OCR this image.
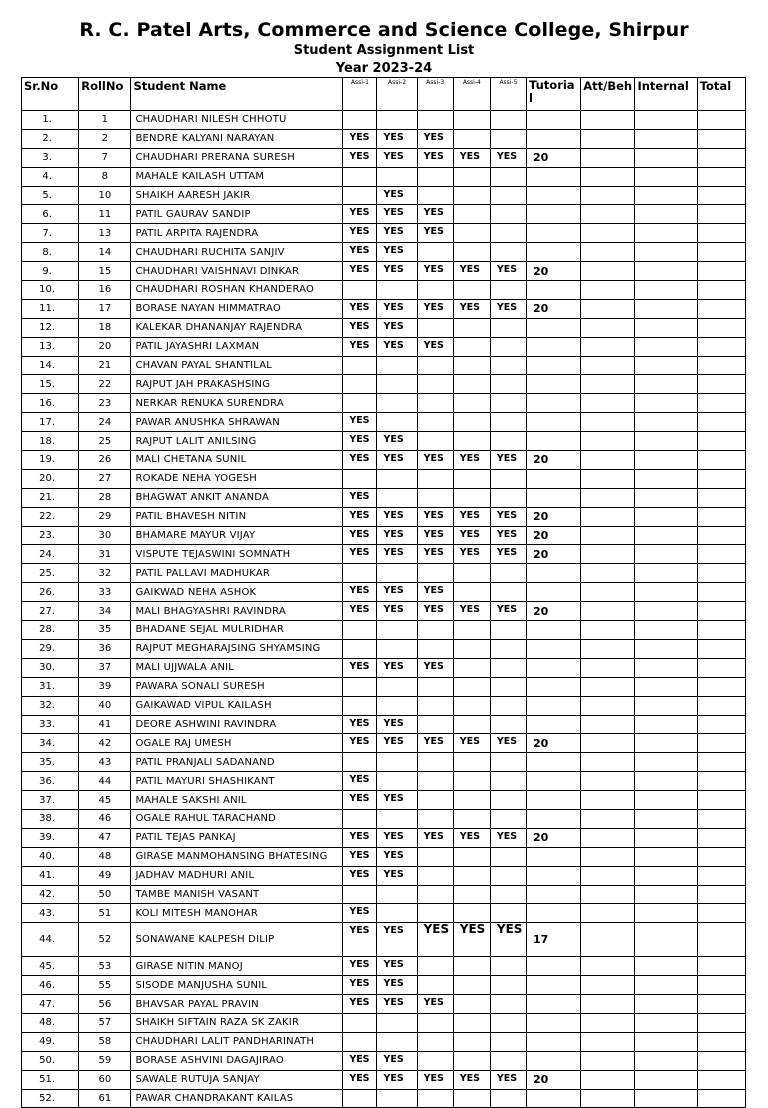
R. C. Patel Arts, Commerce and Science College, Shirpur
Student Assignment List
Year 2023-24
Sr.No	RollNo	Student Name	Assi-1	Assi-2	Assi-3	Assi-4	Assi-5	Tutoria l	Att/Beh	Internal	Total
1.	1	CHAUDHARI NILESH CHHOTU									
2.	2	BENDRE KALYANI NARAYAN	YES	YES	YES						
3.	7	CHAUDHARI PRERANA SURESH	YES	YES	YES	YES	YES	20			
4.	8	MAHALE KAILASH UTTAM									
5.	10	SHAIKH AARESH JAKIR		YES							
6.	11	PATIL GAURAV SANDIP	YES	YES	YES						
7.	13	PATIL ARPITA RAJENDRA	YES	YES	YES						
8.	14	CHAUDHARI RUCHITA SANJIV	YES	YES							
9.	15	CHAUDHARI VAISHNAVI DINKAR	YES	YES	YES	YES	YES	20			
10.	16	CHAUDHARI ROSHAN KHANDERAO									
11.	17	BORASE NAYAN HIMMATRAO	YES	YES	YES	YES	YES	20			
12.	18	KALEKAR DHANANJAY RAJENDRA	YES	YES							
13.	20	PATIL JAYASHRI LAXMAN	YES	YES	YES						
14.	21	CHAVAN PAYAL SHANTILAL									
15.	22	RAJPUT JAH PRAKASHSING									
16.	23	NERKAR RENUKA SURENDRA									
17.	24	PAWAR ANUSHKA SHRAWAN	YES								
18.	25	RAJPUT LALIT ANILSING	YES	YES							
19.	26	MALI CHETANA SUNIL	YES	YES	YES	YES	YES	20			
20.	27	ROKADE NEHA YOGESH									
21.	28	BHAGWAT ANKIT ANANDA	YES								
22.	29	PATIL BHAVESH NITIN	YES	YES	YES	YES	YES	20			
23.	30	BHAMARE MAYUR VIJAY	YES	YES	YES	YES	YES	20			
24.	31	VISPUTE TEJASWINI SOMNATH	YES	YES	YES	YES	YES	20			
25.	32	PATIL PALLAVI MADHUKAR									
26.	33	GAIKWAD NEHA ASHOK	YES	YES	YES						
27.	34	MALI BHAGYASHRI RAVINDRA	YES	YES	YES	YES	YES	20			
28.	35	BHADANE SEJAL MULRIDHAR									
29.	36	RAJPUT MEGHARAJSING SHYAMSING									
30.	37	MALI UJJWALA ANIL	YES	YES	YES						
31.	39	PAWARA SONALI SURESH									
32.	40	GAIKAWAD VIPUL KAILASH									
33.	41	DEORE ASHWINI RAVINDRA	YES	YES							
34.	42	OGALE RAJ UMESH	YES	YES	YES	YES	YES	20			
35.	43	PATIL PRANJALI SADANAND									
36.	44	PATIL MAYURI SHASHIKANT	YES								
37.	45	MAHALE SAKSHI ANIL	YES	YES							
38.	46	OGALE RAHUL TARACHAND									
39.	47	PATIL TEJAS PANKAJ	YES	YES	YES	YES	YES	20			
40.	48	GIRASE MANMOHANSING BHATESING	YES	YES							
41.	49	JADHAV MADHURI ANIL	YES	YES							
42.	50	TAMBE MANISH VASANT									
43.	51	KOLI MITESH MANOHAR	YES								
44.	52	SONAWANE KALPESH DILIP	YES	YES	YES	YES	YES	17			
45.	53	GIRASE NITIN MANOJ	YES	YES							
46.	55	SISODE MANJUSHA SUNIL	YES	YES							
47.	56	BHAVSAR PAYAL PRAVIN	YES	YES	YES						
48.	57	SHAIKH SIFTAIN RAZA SK ZAKIR									
49.	58	CHAUDHARI LALIT PANDHARINATH									
50.	59	BORASE ASHVINI DAGAJIRAO	YES	YES							
51.	60	SAWALE RUTUJA SANJAY	YES	YES	YES	YES	YES	20			
52.	61	PAWAR CHANDRAKANT KAILAS									
